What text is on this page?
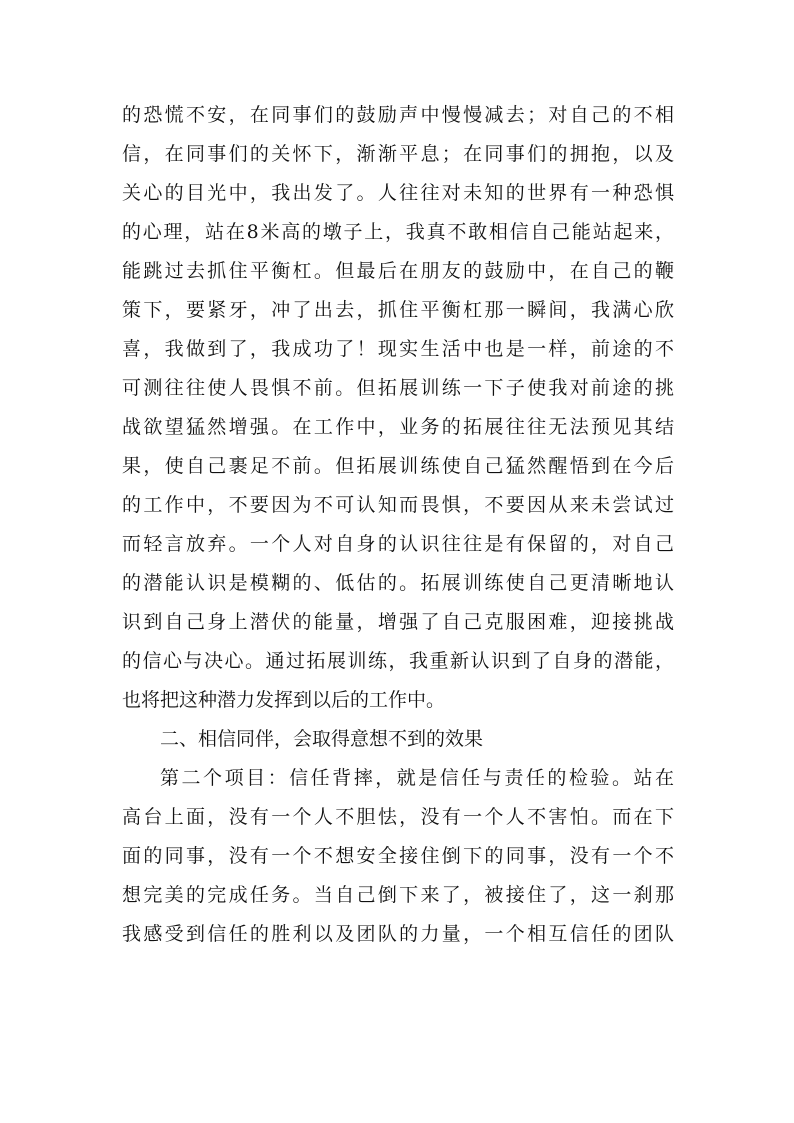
的恐慌不安，在同事们的鼓励声中慢慢减去；对自己的不相
信，在同事们的关怀下，渐渐平息；在同事们的拥抱，以及
关心的目光中，我出发了。人往往对未知的世界有一种恐惧
的心理，站在8米高的墩子上，我真不敢相信自己能站起来，
能跳过去抓住平衡杠。但最后在朋友的鼓励中，在自己的鞭
策下，要紧牙，冲了出去，抓住平衡杠那一瞬间，我满心欣
喜，我做到了，我成功了！现实生活中也是一样，前途的不
可测往往使人畏惧不前。但拓展训练一下子使我对前途的挑
战欲望猛然增强。在工作中，业务的拓展往往无法预见其结
果，使自己裹足不前。但拓展训练使自己猛然醒悟到在今后
的工作中，不要因为不可认知而畏惧，不要因从来未尝试过
而轻言放弃。一个人对自身的认识往往是有保留的，对自己
的潜能认识是模糊的、低估的。拓展训练使自己更清晰地认
识到自己身上潜伏的能量，增强了自己克服困难，迎接挑战
的信心与决心。通过拓展训练，我重新认识到了自身的潜能，
也将把这种潜力发挥到以后的工作中。
二、相信同伴，会取得意想不到的效果
第二个项目：信任背摔，就是信任与责任的检验。站在
高台上面，没有一个人不胆怯，没有一个人不害怕。而在下
面的同事，没有一个不想安全接住倒下的同事，没有一个不
想完美的完成任务。当自己倒下来了，被接住了，这一刹那
我感受到信任的胜利以及团队的力量，一个相互信任的团队
